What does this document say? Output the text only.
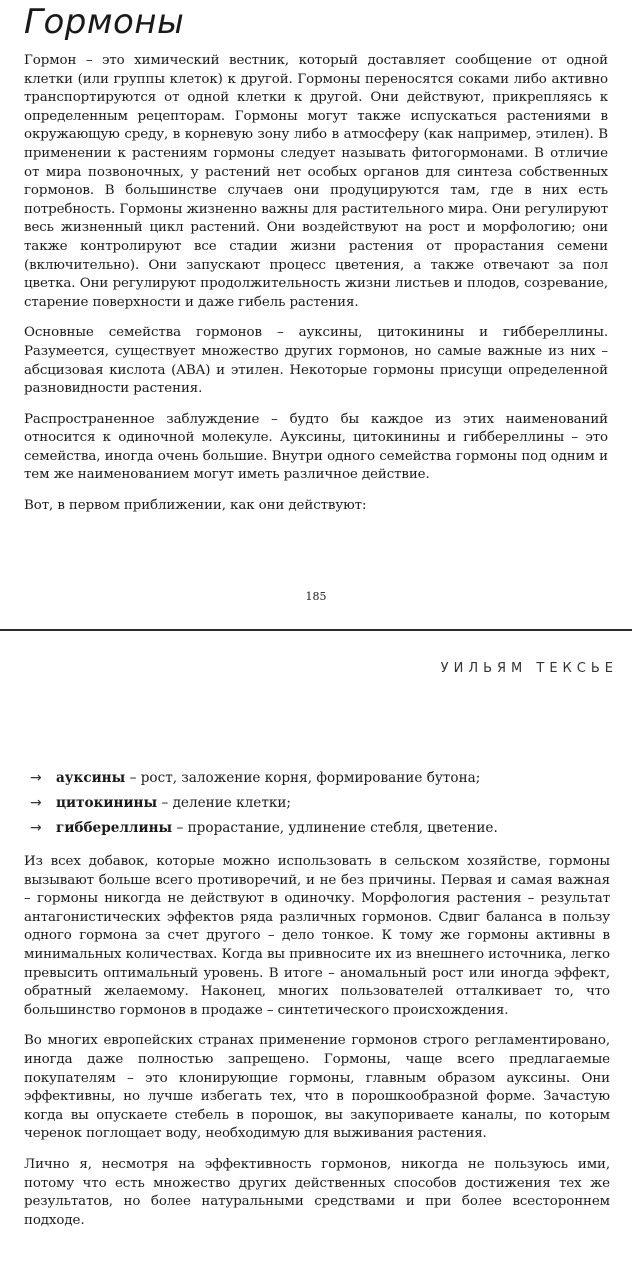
Гормоны

Гормон – это химический вестник, который доставляет сообщение от одной клетки (или группы клеток) к другой. Гормоны переносятся соками либо активно транспортируются от одной клетки к другой. Они действуют, прикрепляясь к определенным рецепторам. Гормоны могут также испускаться растениями в окружающую среду, в корневую зону либо в атмосферу (как например, этилен). В применении к растениям гормоны следует называть фитогормонами. В отличие от мира позвоночных, у растений нет особых органов для синтеза собственных гормонов. В большинстве случаев они продуцируются там, где в них есть потребность. Гормоны жизненно важны для растительного мира. Они регулируют весь жизненный цикл растений. Они воздействуют на рост и морфологию; они также контролируют все стадии жизни растения от прорастания семени (включительно). Они запускают процесс цветения, а также отвечают за пол цветка. Они регулируют продолжительность жизни листьев и плодов, созревание, старение поверхности и даже гибель растения.

Основные семейства гормонов – ауксины, цитокинины и гиббереллины. Разумеется, существует множество других гормонов, но самые важные из них – абсцизовая кислота (ABA) и этилен. Некоторые гормоны присущи определенной разновидности растения.

Распространенное заблуждение – будто бы каждое из этих наименований относится к одиночной молекуле. Ауксины, цитокинины и гиббереллины – это семейства, иногда очень большие. Внутри одного семейства гормоны под одним и тем же наименованием могут иметь различное действие.

Вот, в первом приближении, как они действуют:

185
УИЛЬЯМ ТЕКСЬЕ
→ ауксины – рост, заложение корня, формирование бутона;
→ цитокинины – деление клетки;
→ гиббереллины – прорастание, удлинение стебля, цветение.

Из всех добавок, которые можно использовать в сельском хозяйстве, гормоны вызывают больше всего противоречий, и не без причины. Первая и самая важная – гормоны никогда не действуют в одиночку. Морфология растения – результат антагонистических эффектов ряда различных гормонов. Сдвиг баланса в пользу одного гормона за счет другого – дело тонкое. К тому же гормоны активны в минимальных количествах. Когда вы привносите их из внешнего источника, легко превысить оптимальный уровень. В итоге – аномальный рост или иногда эффект, обратный желаемому. Наконец, многих пользователей отталкивает то, что большинство гормонов в продаже – синтетического происхождения.

Во многих европейских странах применение гормонов строго регламентировано, иногда даже полностью запрещено. Гормоны, чаще всего предлагаемые покупателям – это клонирующие гормоны, главным образом ауксины. Они эффективны, но лучше избегать тех, что в порошкообразной форме. Зачастую когда вы опускаете стебель в порошок, вы закупориваете каналы, по которым черенок поглощает воду, необходимую для выживания растения.

Лично я, несмотря на эффективность гормонов, никогда не пользуюсь ими, потому что есть множество других действенных способов достижения тех же результатов, но более натуральными средствами и при более всестороннем подходе.
